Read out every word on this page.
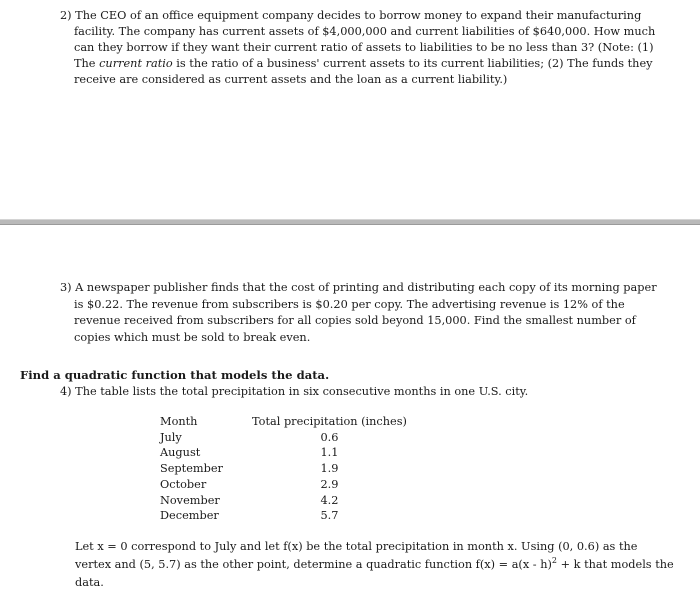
2) The CEO of an office equipment company decides to borrow money to expand their manufacturing facility. The company has current assets of $4,000,000 and current liabilities of $640,000. How much can they borrow if they want their current ratio of assets to liabilities to be no less than 3? (Note: (1) The current ratio is the ratio of a business' current assets to its current liabilities; (2) The funds they receive are considered as current assets and the loan as a current liability.)

3) A newspaper publisher finds that the cost of printing and distributing each copy of its morning paper is $0.22. The revenue from subscribers is $0.20 per copy. The advertising revenue is 12% of the revenue received from subscribers for all copies sold beyond 15,000. Find the smallest number of copies which must be sold to break even.

Find a quadratic function that models the data.

4) The table lists the total precipitation in six consecutive months in one U.S. city.

Month	Total precipitation (inches)
July	0.6
August	1.1
September	1.9
October	2.9
November	4.2
December	5.7

Let x = 0 correspond to July and let f(x) be the total precipitation in month x. Using (0, 0.6) as the vertex and (5, 5.7) as the other point, determine a quadratic function f(x) = a(x - h)$^2$ + k that models the data.
